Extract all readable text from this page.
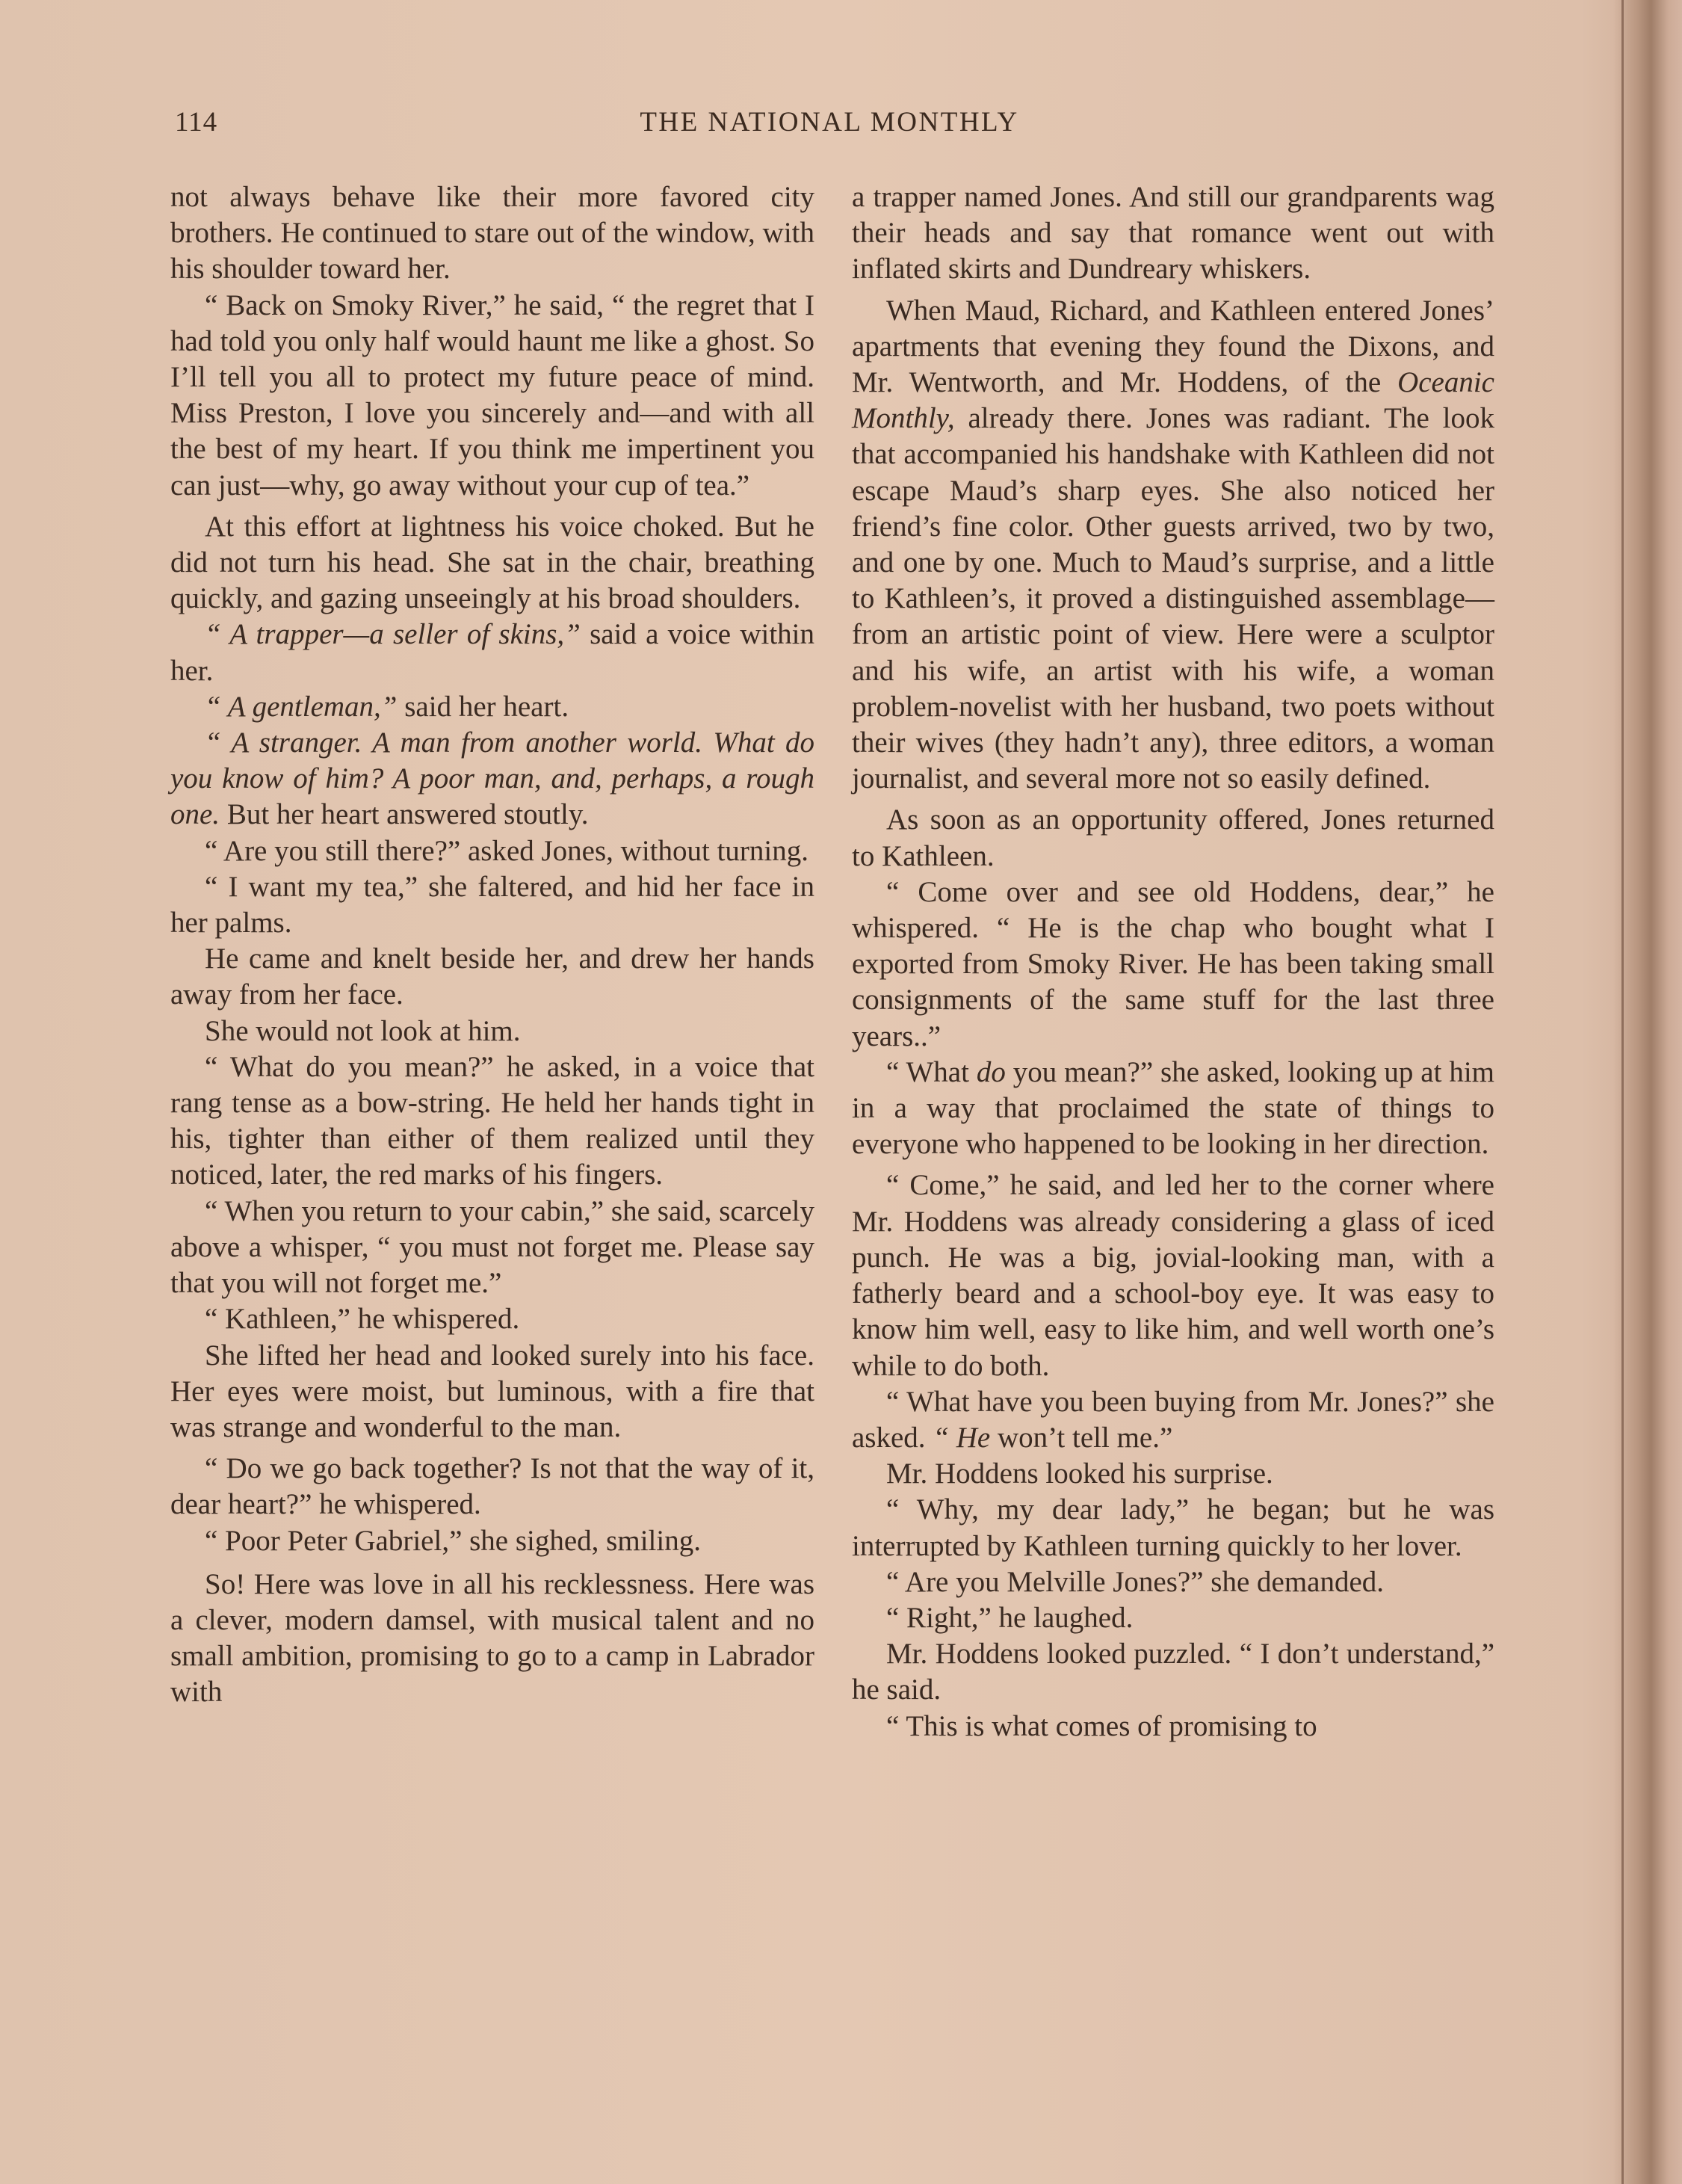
114	THE NATIONAL MONTHLY

not always behave like their more favored city brothers. He continued to stare out of the window, with his shoulder toward her.

“ Back on Smoky River,” he said, “ the regret that I had told you only half would haunt me like a ghost. So I’ll tell you all to protect my future peace of mind. Miss Preston, I love you sincerely and—and with all the best of my heart. If you think me impertinent you can just—why, go away without your cup of tea.”

At this effort at lightness his voice choked. But he did not turn his head. She sat in the chair, breathing quickly, and gazing unseeingly at his broad shoulders.

“ A trapper—a seller of skins,” said a voice within her.

“ A gentleman,” said her heart.

“ A stranger. A man from another world. What do you know of him? A poor man, and, perhaps, a rough one. But her heart answered stoutly.

“ Are you still there?” asked Jones, without turning.

“ I want my tea,” she faltered, and hid her face in her palms.

He came and knelt beside her, and drew her hands away from her face.

She would not look at him.

“ What do you mean?” he asked, in a voice that rang tense as a bow-string. He held her hands tight in his, tighter than either of them realized until they noticed, later, the red marks of his fingers.

“ When you return to your cabin,” she said, scarcely above a whisper, “ you must not forget me. Please say that you will not forget me.”

“ Kathleen,” he whispered.

She lifted her head and looked surely into his face. Her eyes were moist, but luminous, with a fire that was strange and wonderful to the man.

“ Do we go back together? Is not that the way of it, dear heart?” he whispered.

“ Poor Peter Gabriel,” she sighed, smiling.

So! Here was love in all his recklessness. Here was a clever, modern damsel, with musical talent and no small ambition, promising to go to a camp in Labrador with

a trapper named Jones. And still our grandparents wag their heads and say that romance went out with inflated skirts and Dundreary whiskers.

When Maud, Richard, and Kathleen entered Jones’ apartments that evening they found the Dixons, and Mr. Wentworth, and Mr. Hoddens, of the Oceanic Monthly, already there. Jones was radiant. The look that accompanied his handshake with Kathleen did not escape Maud’s sharp eyes. She also noticed her friend’s fine color. Other guests arrived, two by two, and one by one. Much to Maud’s surprise, and a little to Kathleen’s, it proved a distinguished assemblage—from an artistic point of view. Here were a sculptor and his wife, an artist with his wife, a woman problem-novelist with her husband, two poets without their wives (they hadn’t any), three editors, a woman journalist, and several more not so easily defined.

As soon as an opportunity offered, Jones returned to Kathleen.

“ Come over and see old Hoddens, dear,” he whispered. “ He is the chap who bought what I exported from Smoky River. He has been taking small consignments of the same stuff for the last three years..”

“ What do you mean?” she asked, looking up at him in a way that proclaimed the state of things to everyone who happened to be looking in her direction.

“ Come,” he said, and led her to the corner where Mr. Hoddens was already considering a glass of iced punch. He was a big, jovial-looking man, with a fatherly beard and a school-boy eye. It was easy to know him well, easy to like him, and well worth one’s while to do both.

“ What have you been buying from Mr. Jones?” she asked. “ He won’t tell me.”

Mr. Hoddens looked his surprise.

“ Why, my dear lady,” he began; but he was interrupted by Kathleen turning quickly to her lover.

“ Are you Melville Jones?” she demanded.

“ Right,” he laughed.

Mr. Hoddens looked puzzled. “ I don’t understand,” he said.

“ This is what comes of promising to
